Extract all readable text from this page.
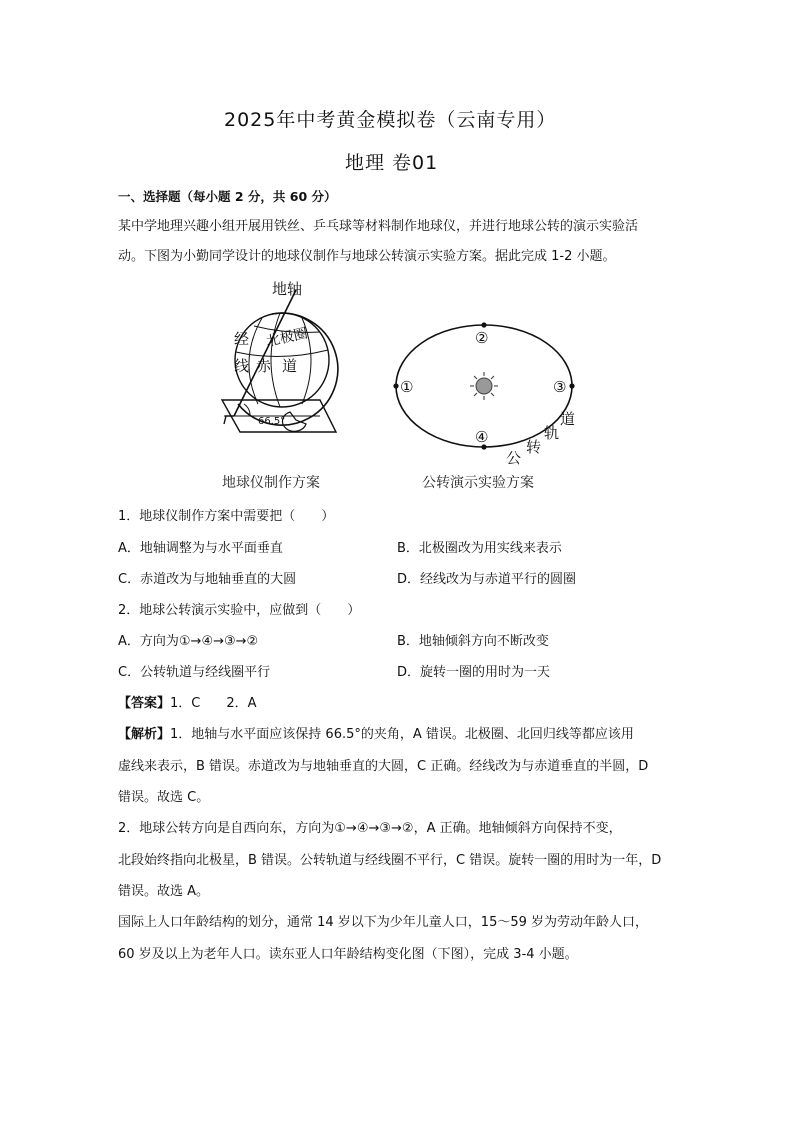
2025年中考黄金模拟卷（云南专用）
地理 卷01
一、选择题（每小题 2 分，共 60 分）
某中学地理兴趣小组开展用铁丝、乒乓球等材料制作地球仪，并进行地球公转的演示实验活
动。下图为小勤同学设计的地球仪制作与地球公转演示实验方案。据此完成 1-2 小题。
地轴
经
线 赤 道
北极圈
66.5°
地球仪制作方案
①
②
③
④
公
转
轨
道
公转演示实验方案
1．地球仪制作方案中需要把（　　）
A．地轴调整为与水平面垂直	B．北极圈改为用实线来表示
C．赤道改为与地轴垂直的大圆	D．经线改为与赤道平行的圆圈
2．地球公转演示实验中，应做到（　　）
A．方向为①→④→③→②	B．地轴倾斜方向不断改变
C．公转轨道与经线圈平行	D．旋转一圈的用时为一天
【答案】1．C　　2．A
【解析】1．地轴与水平面应该保持 66.5°的夹角，A 错误。北极圈、北回归线等都应该用
虚线来表示，B 错误。赤道改为与地轴垂直的大圆，C 正确。经线改为与赤道垂直的半圆，D
错误。故选 C。
2．地球公转方向是自西向东，方向为①→④→③→②，A 正确。地轴倾斜方向保持不变，
北段始终指向北极星，B 错误。公转轨道与经线圈不平行，C 错误。旋转一圈的用时为一年，D
错误。故选 A。
国际上人口年龄结构的划分，通常 14 岁以下为少年儿童人口，15～59 岁为劳动年龄人口，
60 岁及以上为老年人口。读东亚人口年龄结构变化图（下图），完成 3-4 小题。
